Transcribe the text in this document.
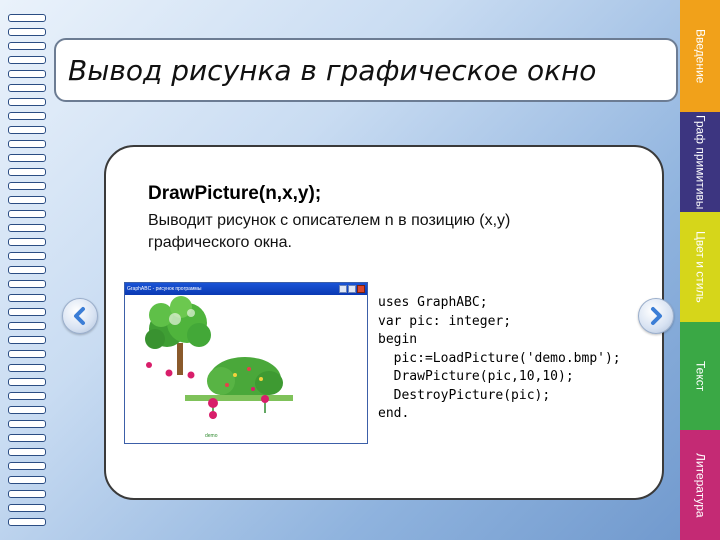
Вывод рисунка в графическое окно
DrawPicture(n,x,y);
Выводит рисунок с описателем n в позицию (x,y) графического окна.
GraphABC - рисунок программы
demo
uses GraphABC;
var pic: integer;
begin
pic:=LoadPicture('demo.bmp');
DrawPicture(pic,10,10);
DestroyPicture(pic);
end.
Введение
Граф примитивы
Цвет и стиль
Текст
Литература
